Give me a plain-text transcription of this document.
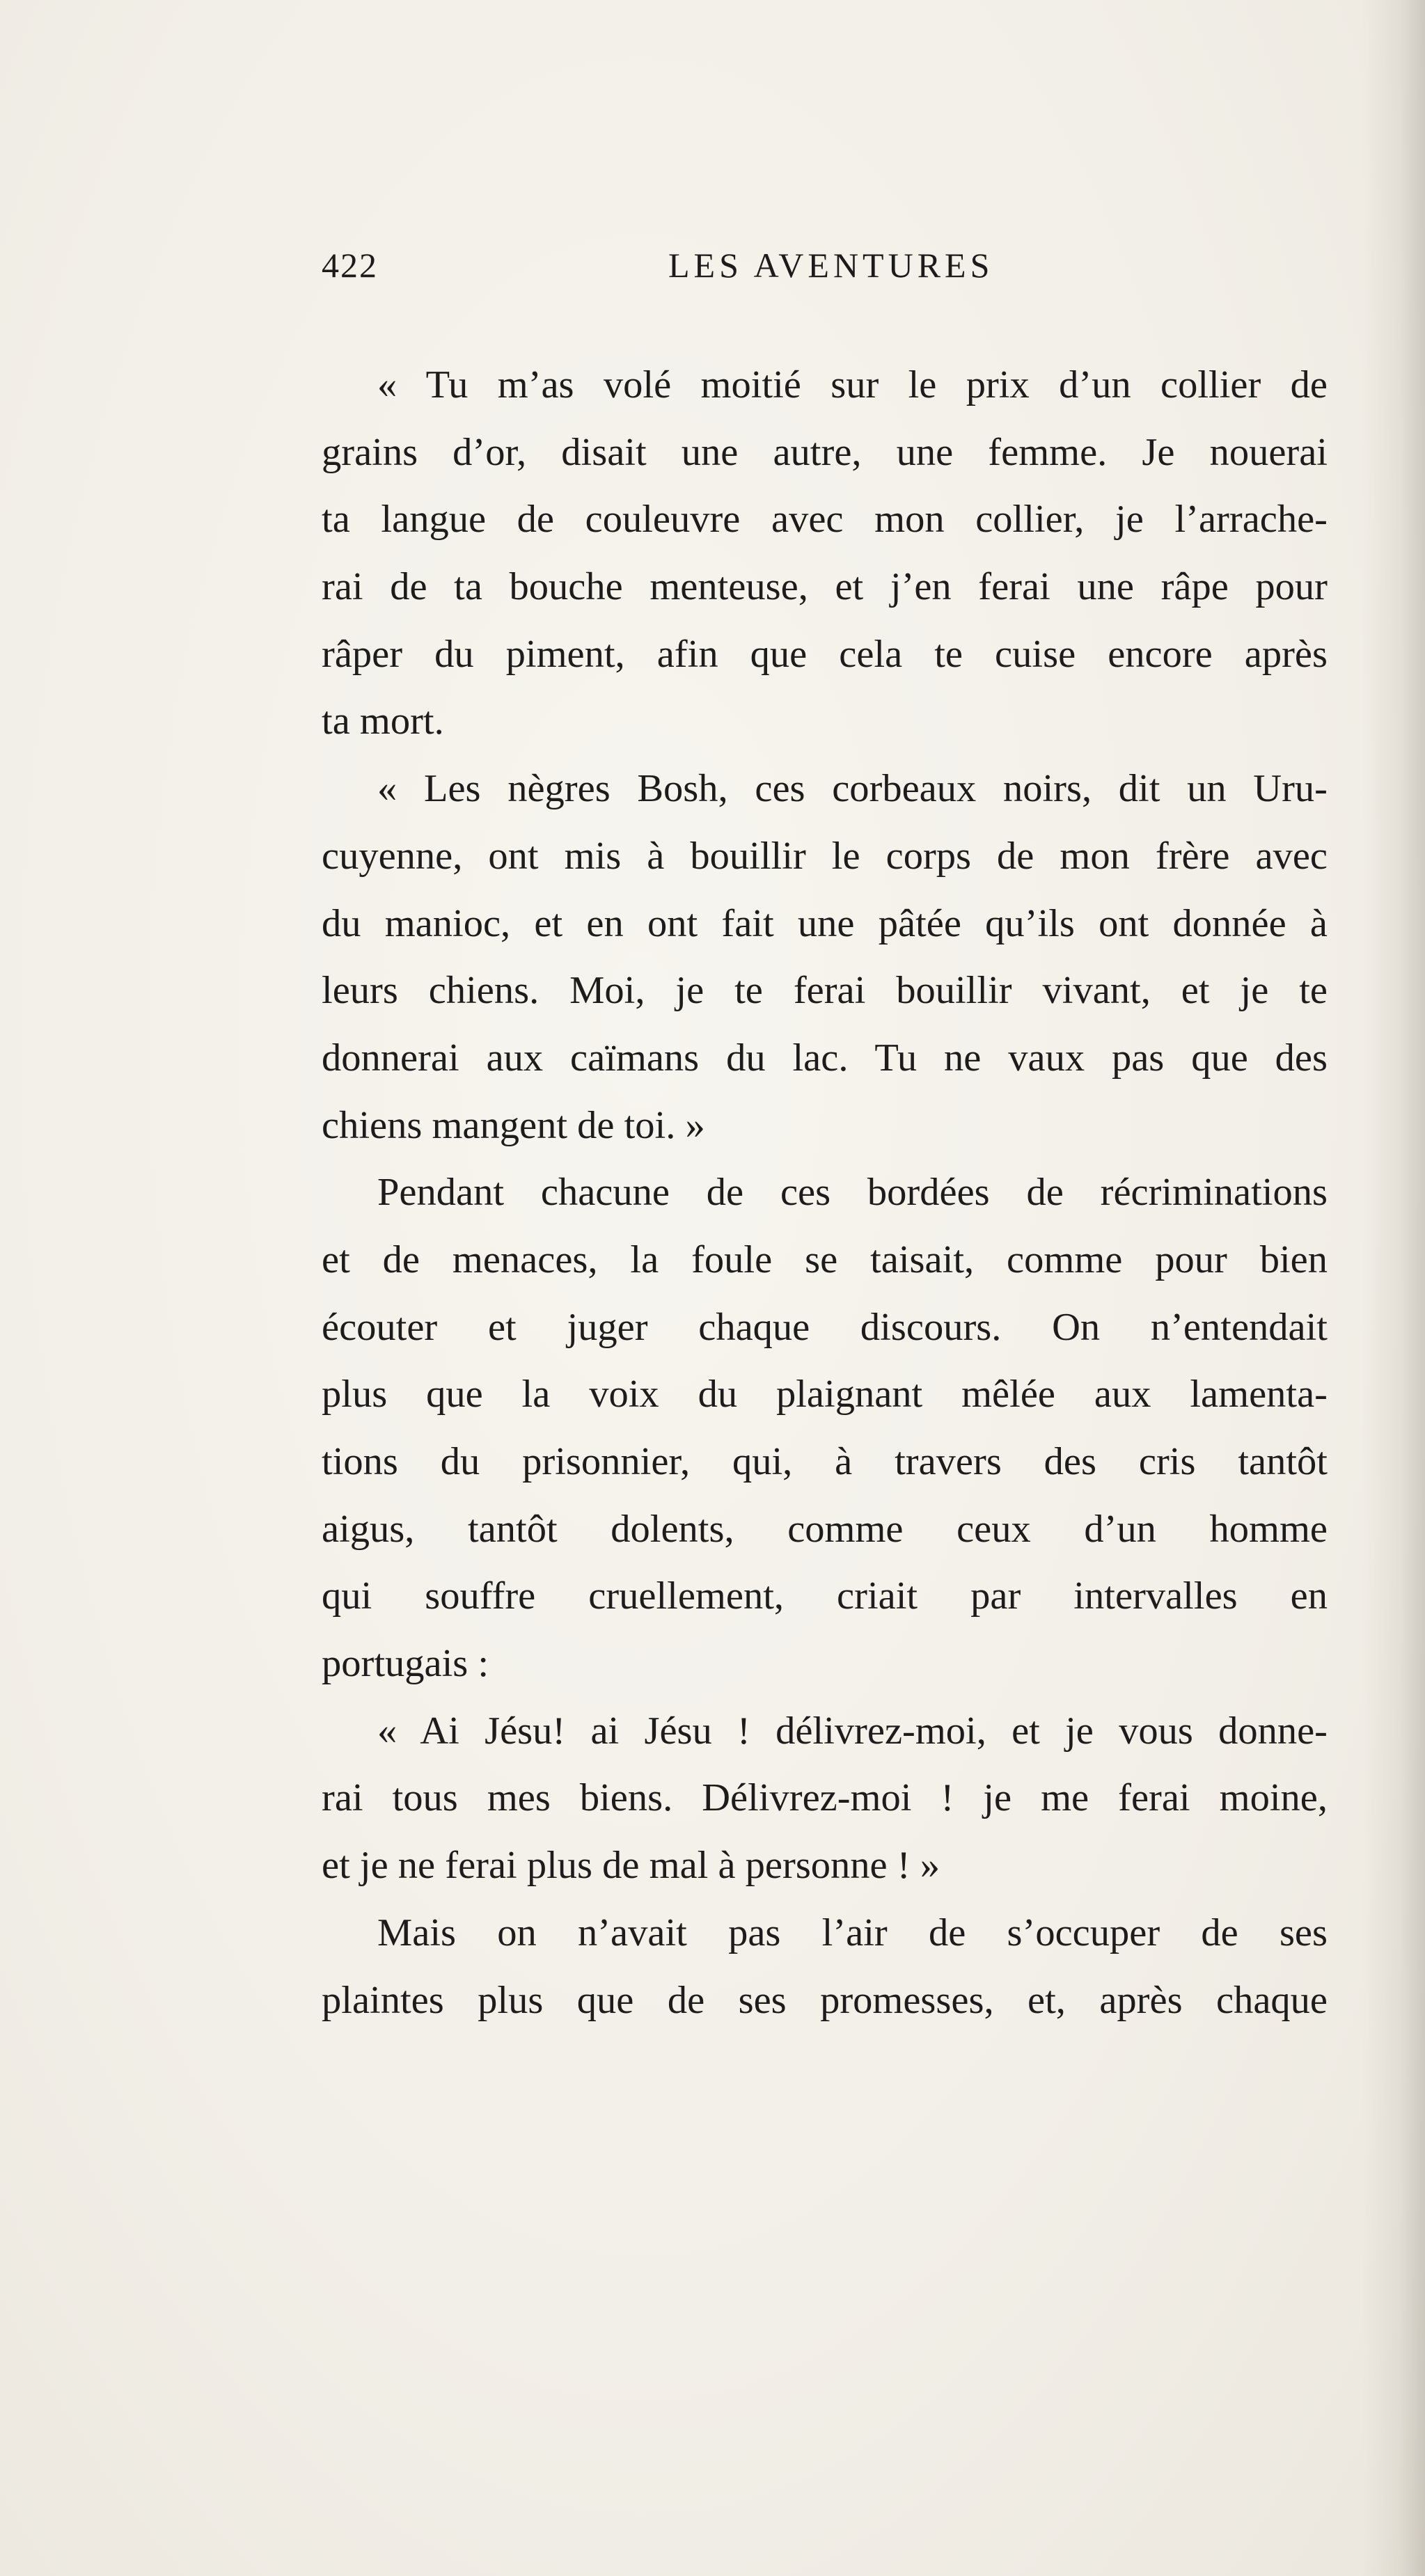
422	LES AVENTURES
« Tu m’as volé moitié sur le prix d’un collier de
grains d’or, disait une autre, une femme. Je nouerai
ta langue de couleuvre avec mon collier, je l’arrache-
rai de ta bouche menteuse, et j’en ferai une râpe pour
râper du piment, afin que cela te cuise encore après
ta mort.
« Les nègres Bosh, ces corbeaux noirs, dit un Uru-
cuyenne, ont mis à bouillir le corps de mon frère avec
du manioc, et en ont fait une pâtée qu’ils ont donnée à
leurs chiens. Moi, je te ferai bouillir vivant, et je te
donnerai aux caïmans du lac. Tu ne vaux pas que des
chiens mangent de toi. »
Pendant chacune de ces bordées de récriminations
et de menaces, la foule se taisait, comme pour bien
écouter et juger chaque discours. On n’entendait
plus que la voix du plaignant mêlée aux lamenta-
tions du prisonnier, qui, à travers des cris tantôt
aigus, tantôt dolents, comme ceux d’un homme
qui souffre cruellement, criait par intervalles en
portugais :
« Ai Jésu! ai Jésu ! délivrez-moi, et je vous donne-
rai tous mes biens. Délivrez-moi ! je me ferai moine,
et je ne ferai plus de mal à personne ! »
Mais on n’avait pas l’air de s’occuper de ses
plaintes plus que de ses promesses, et, après chaque
